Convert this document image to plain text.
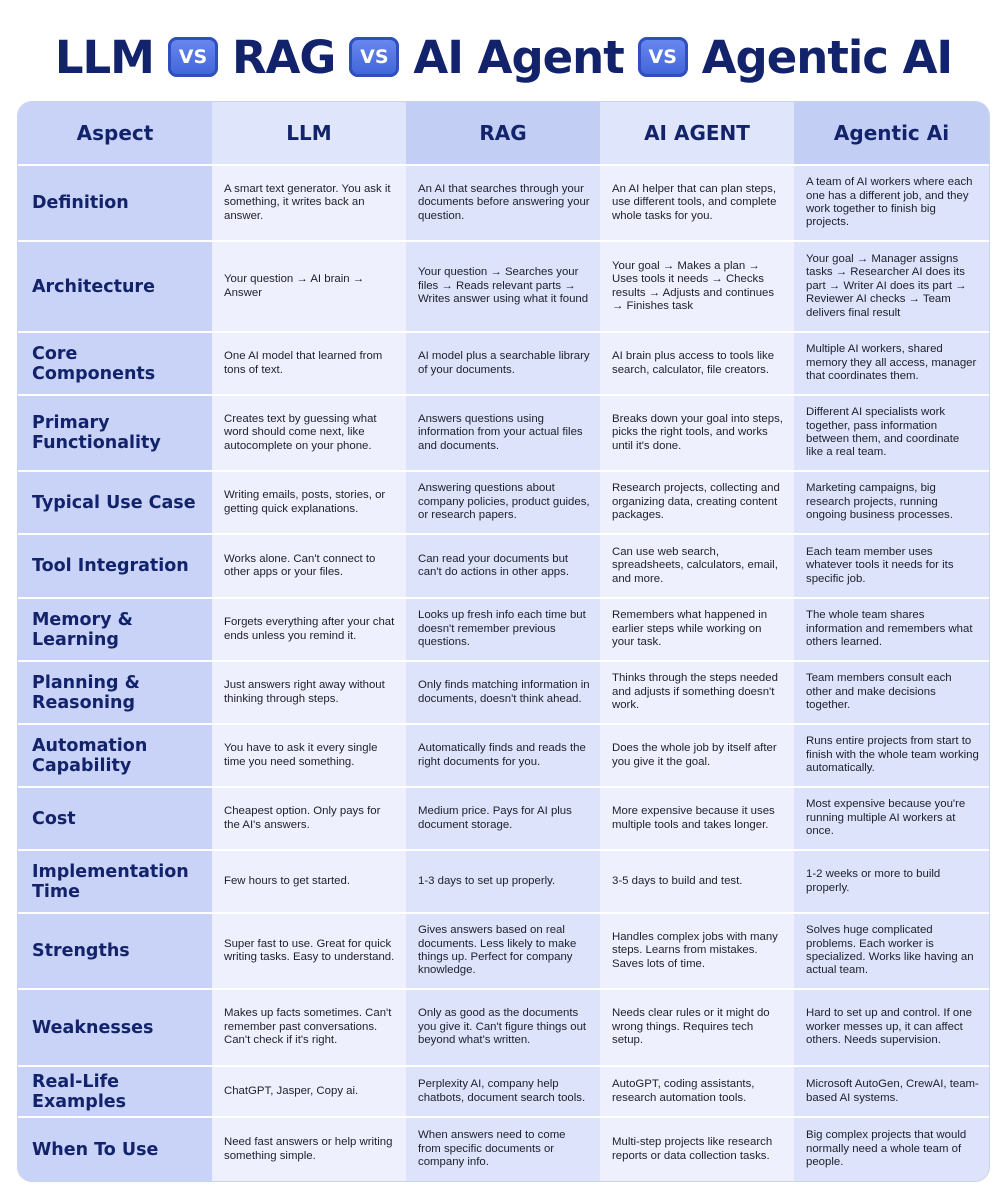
LLM	VS RAG	VS AI Agent	VS Agentic AI
Aspect	LLM	RAG	AI AGENT	Agentic Ai
Definition	A smart text generator. You ask it something, it writes back an answer.	An AI that searches through your documents before answering your question.	An AI helper that can plan steps, use different tools, and complete whole tasks for you.	A team of AI workers where each one has a different job, and they work together to finish big projects.
Architecture	Your question → AI brain → Answer	Your question → Searches your files → Reads relevant parts → Writes answer using what it found	Your goal → Makes a plan → Uses tools it needs → Checks results → Adjusts and continues → Finishes task	Your goal → Manager assigns tasks → Researcher AI does its part → Writer AI does its part → Reviewer AI checks → Team delivers final result
Core Components	One AI model that learned from tons of text.	AI model plus a searchable library of your documents.	AI brain plus access to tools like search, calculator, file creators.	Multiple AI workers, shared memory they all access, manager that coordinates them.
Primary Functionality	Creates text by guessing what word should come next, like autocomplete on your phone.	Answers questions using information from your actual files and documents.	Breaks down your goal into steps, picks the right tools, and works until it's done.	Different AI specialists work together, pass information between them, and coordinate like a real team.
Typical Use Case	Writing emails, posts, stories, or getting quick explanations.	Answering questions about company policies, product guides, or research papers.	Research projects, collecting and organizing data, creating content packages.	Marketing campaigns, big research projects, running ongoing business processes.
Tool Integration	Works alone. Can't connect to other apps or your files.	Can read your documents but can't do actions in other apps.	Can use web search, spreadsheets, calculators, email, and more.	Each team member uses whatever tools it needs for its specific job.
Memory & Learning	Forgets everything after your chat ends unless you remind it.	Looks up fresh info each time but doesn't remember previous questions.	Remembers what happened in earlier steps while working on your task.	The whole team shares information and remembers what others learned.
Planning & Reasoning	Just answers right away without thinking through steps.	Only finds matching information in documents, doesn't think ahead.	Thinks through the steps needed and adjusts if something doesn't work.	Team members consult each other and make decisions together.
Automation Capability	You have to ask it every single time you need something.	Automatically finds and reads the right documents for you.	Does the whole job by itself after you give it the goal.	Runs entire projects from start to finish with the whole team working automatically.
Cost	Cheapest option. Only pays for the AI's answers.	Medium price. Pays for AI plus document storage.	More expensive because it uses multiple tools and takes longer.	Most expensive because you're running multiple AI workers at once.
Implementation Time	Few hours to get started.	1-3 days to set up properly.	3-5 days to build and test.	1-2 weeks or more to build properly.
Strengths	Super fast to use. Great for quick writing tasks. Easy to understand.	Gives answers based on real documents. Less likely to make things up. Perfect for company knowledge.	Handles complex jobs with many steps. Learns from mistakes. Saves lots of time.	Solves huge complicated problems. Each worker is specialized. Works like having an actual team.
Weaknesses	Makes up facts sometimes. Can't remember past conversations. Can't check if it's right.	Only as good as the documents you give it. Can't figure things out beyond what's written.	Needs clear rules or it might do wrong things. Requires tech setup.	Hard to set up and control. If one worker messes up, it can affect others. Needs supervision.
Real-Life Examples	ChatGPT, Jasper, Copy ai.	Perplexity AI, company help chatbots, document search tools.	AutoGPT, coding assistants, research automation tools.	Microsoft AutoGen, CrewAI, team-based AI systems.
When To Use	Need fast answers or help writing something simple.	When answers need to come from specific documents or company info.	Multi-step projects like research reports or data collection tasks.	Big complex projects that would normally need a whole team of people.
